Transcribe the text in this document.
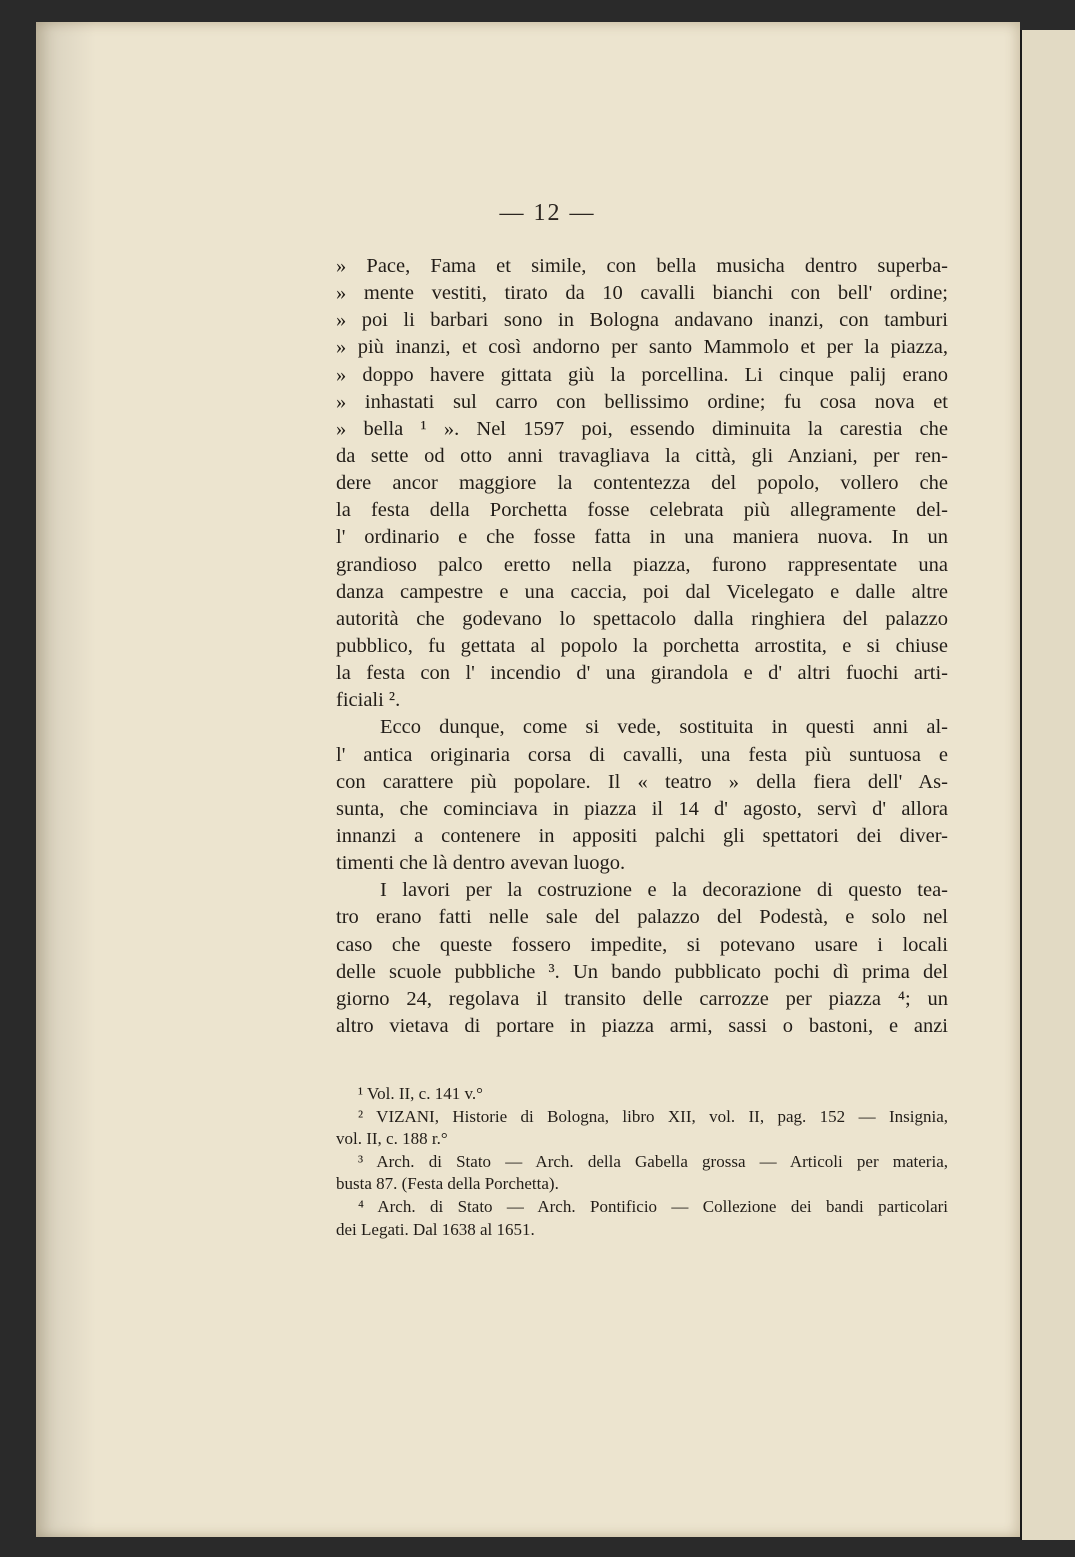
— 12 —
» Pace, Fama et simile, con bella musicha dentro superba-
» mente vestiti, tirato da 10 cavalli bianchi con bell' ordine;
» poi li barbari sono in Bologna andavano inanzi, con tamburi
» più inanzi, et così andorno per santo Mammolo et per la piazza,
» doppo havere gittata giù la porcellina. Li cinque palij erano
» inhastati sul carro con bellissimo ordine; fu cosa nova et
» bella ¹ ». Nel 1597 poi, essendo diminuita la carestia che
da sette od otto anni travagliava la città, gli Anziani, per ren-
dere ancor maggiore la contentezza del popolo, vollero che
la festa della Porchetta fosse celebrata più allegramente del-
l' ordinario e che fosse fatta in una maniera nuova. In un
grandioso palco eretto nella piazza, furono rappresentate una
danza campestre e una caccia, poi dal Vicelegato e dalle altre
autorità che godevano lo spettacolo dalla ringhiera del palazzo
pubblico, fu gettata al popolo la porchetta arrostita, e si chiuse
la festa con l' incendio d' una girandola e d' altri fuochi arti-
ficiali ².
Ecco dunque, come si vede, sostituita in questi anni al-
l' antica originaria corsa di cavalli, una festa più suntuosa e
con carattere più popolare. Il « teatro » della fiera dell' As-
sunta, che cominciava in piazza il 14 d' agosto, servì d' allora
innanzi a contenere in appositi palchi gli spettatori dei diver-
timenti che là dentro avevan luogo.
I lavori per la costruzione e la decorazione di questo tea-
tro erano fatti nelle sale del palazzo del Podestà, e solo nel
caso che queste fossero impedite, si potevano usare i locali
delle scuole pubbliche ³. Un bando pubblicato pochi dì prima del
giorno 24, regolava il transito delle carrozze per piazza ⁴; un
altro vietava di portare in piazza armi, sassi o bastoni, e anzi
¹ Vol. II, c. 141 v.°
² VIZANI, Historie di Bologna, libro XII, vol. II, pag. 152 — Insignia,
vol. II, c. 188 r.°
³ Arch. di Stato — Arch. della Gabella grossa — Articoli per materia,
busta 87. (Festa della Porchetta).
⁴ Arch. di Stato — Arch. Pontificio — Collezione dei bandi particolari
dei Legati. Dal 1638 al 1651.
